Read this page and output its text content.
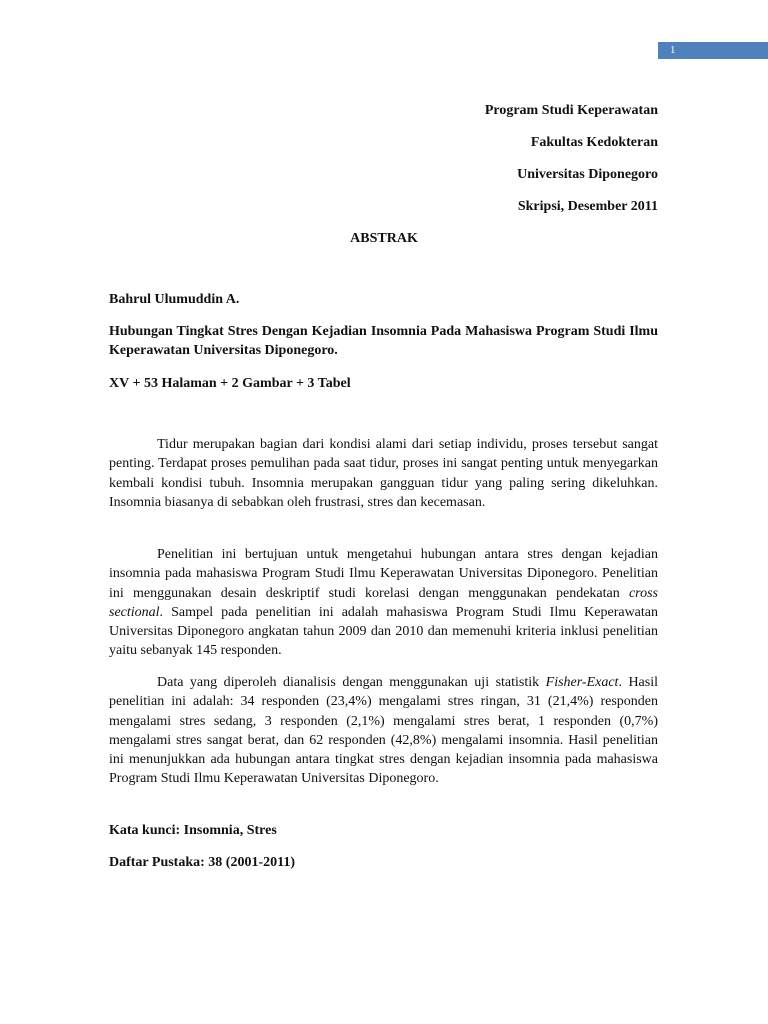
1
Program Studi Keperawatan
Fakultas Kedokteran
Universitas Diponegoro
Skripsi, Desember 2011
ABSTRAK
Bahrul Ulumuddin A.
Hubungan Tingkat Stres Dengan Kejadian Insomnia Pada Mahasiswa Program Studi Ilmu Keperawatan Universitas Diponegoro.
XV + 53 Halaman + 2 Gambar + 3 Tabel
Tidur merupakan bagian dari kondisi alami dari setiap individu, proses tersebut sangat penting. Terdapat proses pemulihan pada saat tidur, proses ini sangat penting untuk menyegarkan kembali kondisi tubuh. Insomnia merupakan gangguan tidur yang paling sering dikeluhkan. Insomnia biasanya di sebabkan oleh frustrasi, stres dan kecemasan.
Penelitian ini bertujuan untuk mengetahui hubungan antara stres dengan kejadian insomnia pada mahasiswa Program Studi Ilmu Keperawatan Universitas Diponegoro. Penelitian ini menggunakan desain deskriptif studi korelasi dengan menggunakan pendekatan cross sectional. Sampel pada penelitian ini adalah mahasiswa Program Studi Ilmu Keperawatan Universitas Diponegoro angkatan tahun 2009 dan 2010 dan memenuhi kriteria inklusi penelitian yaitu sebanyak 145 responden.
Data yang diperoleh dianalisis dengan menggunakan uji statistik Fisher-Exact. Hasil penelitian ini adalah: 34 responden (23,4%) mengalami stres ringan, 31 (21,4%) responden mengalami stres sedang, 3 responden (2,1%) mengalami stres berat, 1 responden (0,7%) mengalami stres sangat berat, dan 62 responden (42,8%) mengalami insomnia. Hasil penelitian ini menunjukkan ada hubungan antara tingkat stres dengan kejadian insomnia pada mahasiswa Program Studi Ilmu Keperawatan Universitas Diponegoro.
Kata kunci: Insomnia, Stres
Daftar Pustaka: 38 (2001-2011)
